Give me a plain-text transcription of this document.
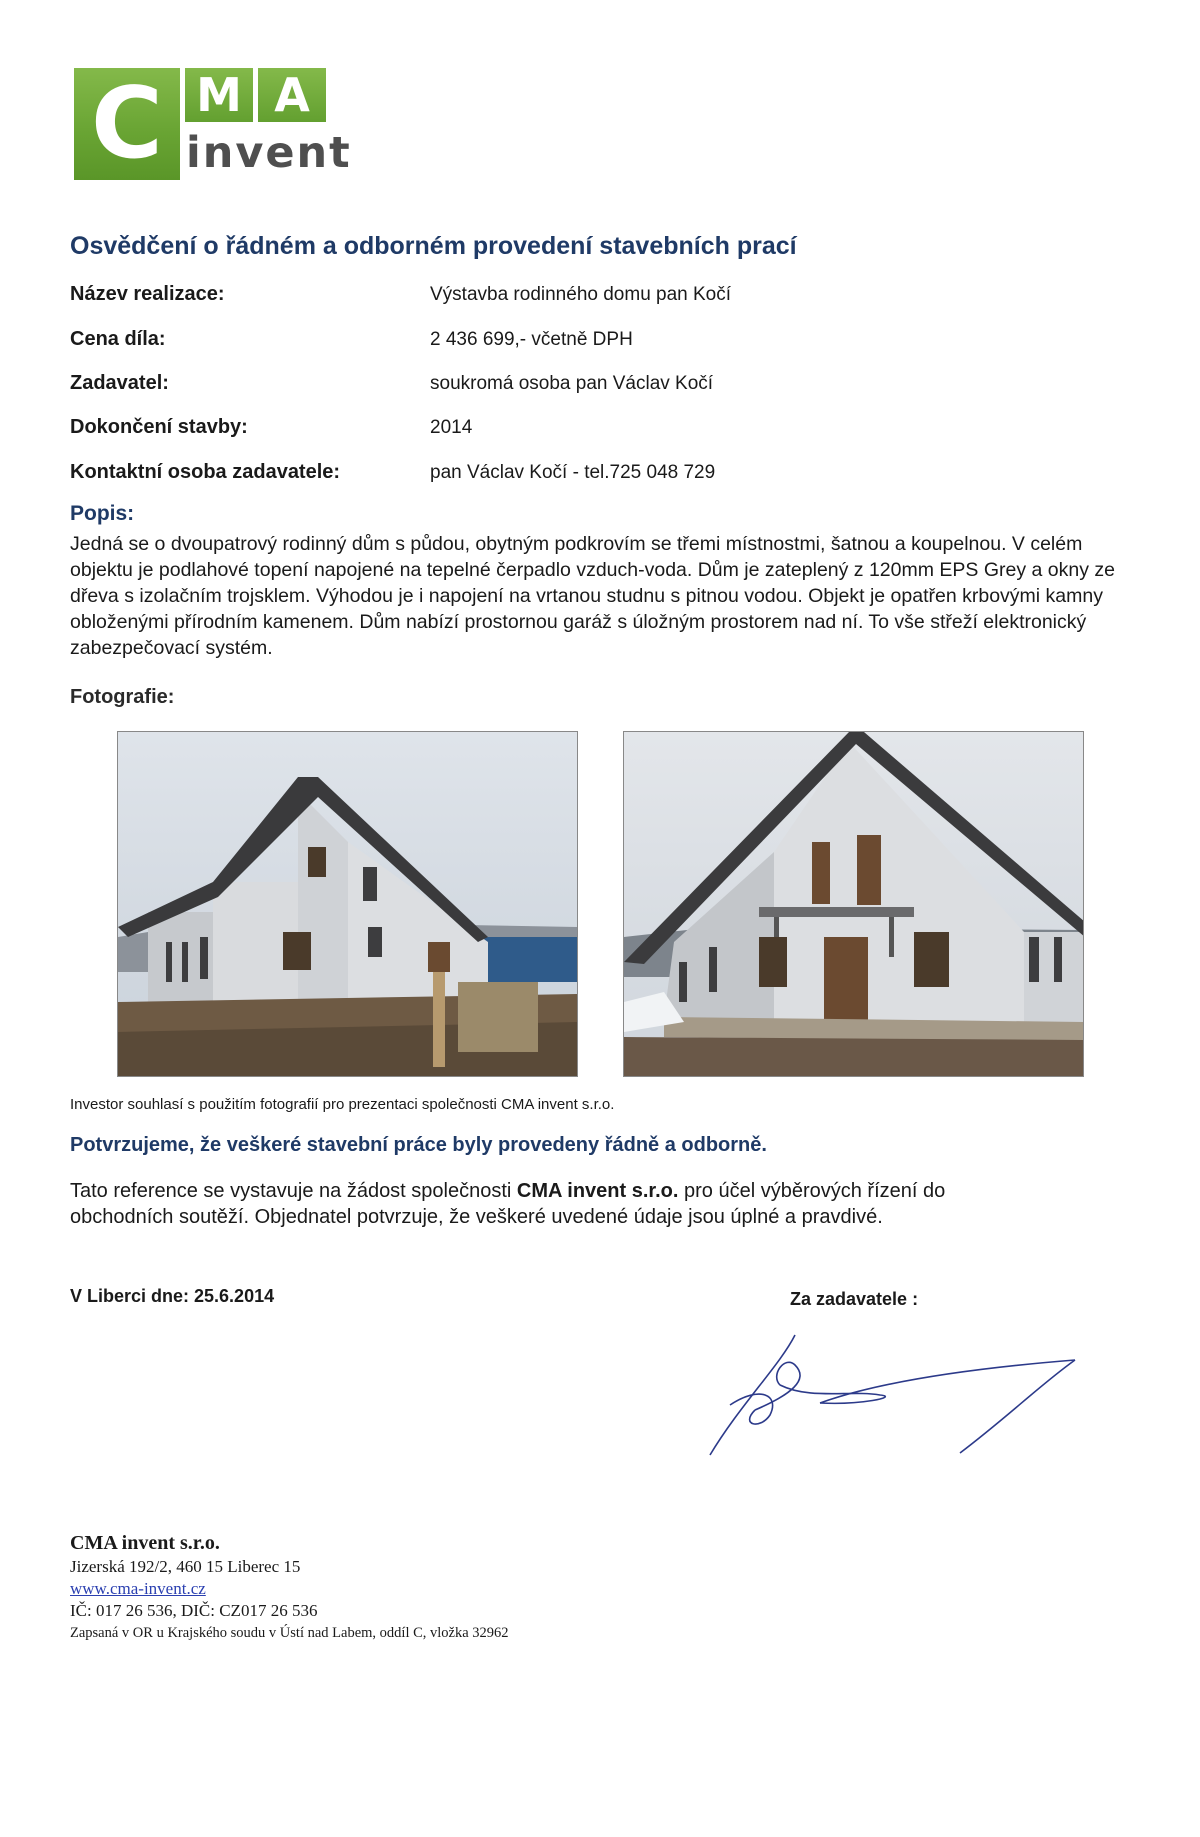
C M A
invent
Osvědčení o řádném a odborném provedení stavebních prací
Název realizace:	Výstavba rodinného domu pan Kočí
Cena díla:	2 436 699,- včetně DPH
Zadavatel:	soukromá osoba pan Václav Kočí
Dokončení stavby:	2014
Kontaktní osoba zadavatele:	pan Václav Kočí - tel.725 048 729
Popis:
Jedná se o dvoupatrový rodinný dům s půdou, obytným podkrovím se třemi místnostmi, šatnou a koupelnou. V celém objektu je podlahové topení napojené na tepelné čerpadlo vzduch-voda. Dům je zateplený z 120mm EPS Grey a okny ze dřeva s izolačním trojsklem. Výhodou je i napojení na vrtanou studnu s pitnou vodou. Objekt je opatřen krbovými kamny obloženými přírodním kamenem. Dům nabízí prostornou garáž s úložným prostorem nad ní. To vše střeží elektronický zabezpečovací systém.
Fotografie:
Investor souhlasí s použitím fotografií pro prezentaci společnosti CMA invent s.r.o.
Potvrzujeme, že veškeré stavební práce byly provedeny řádně a odborně.
Tato reference se vystavuje na žádost společnosti CMA invent s.r.o. pro účel výběrových řízení do obchodních soutěží. Objednatel potvrzuje, že veškeré uvedené údaje jsou úplné a pravdivé.
V Liberci dne: 25.6.2014	Za zadavatele :
CMA invent s.r.o.
Jizerská 192/2, 460 15 Liberec 15
www.cma-invent.cz
IČ: 017 26 536, DIČ: CZ017 26 536
Zapsaná v OR u Krajského soudu v Ústí nad Labem, oddíl C, vložka 32962
